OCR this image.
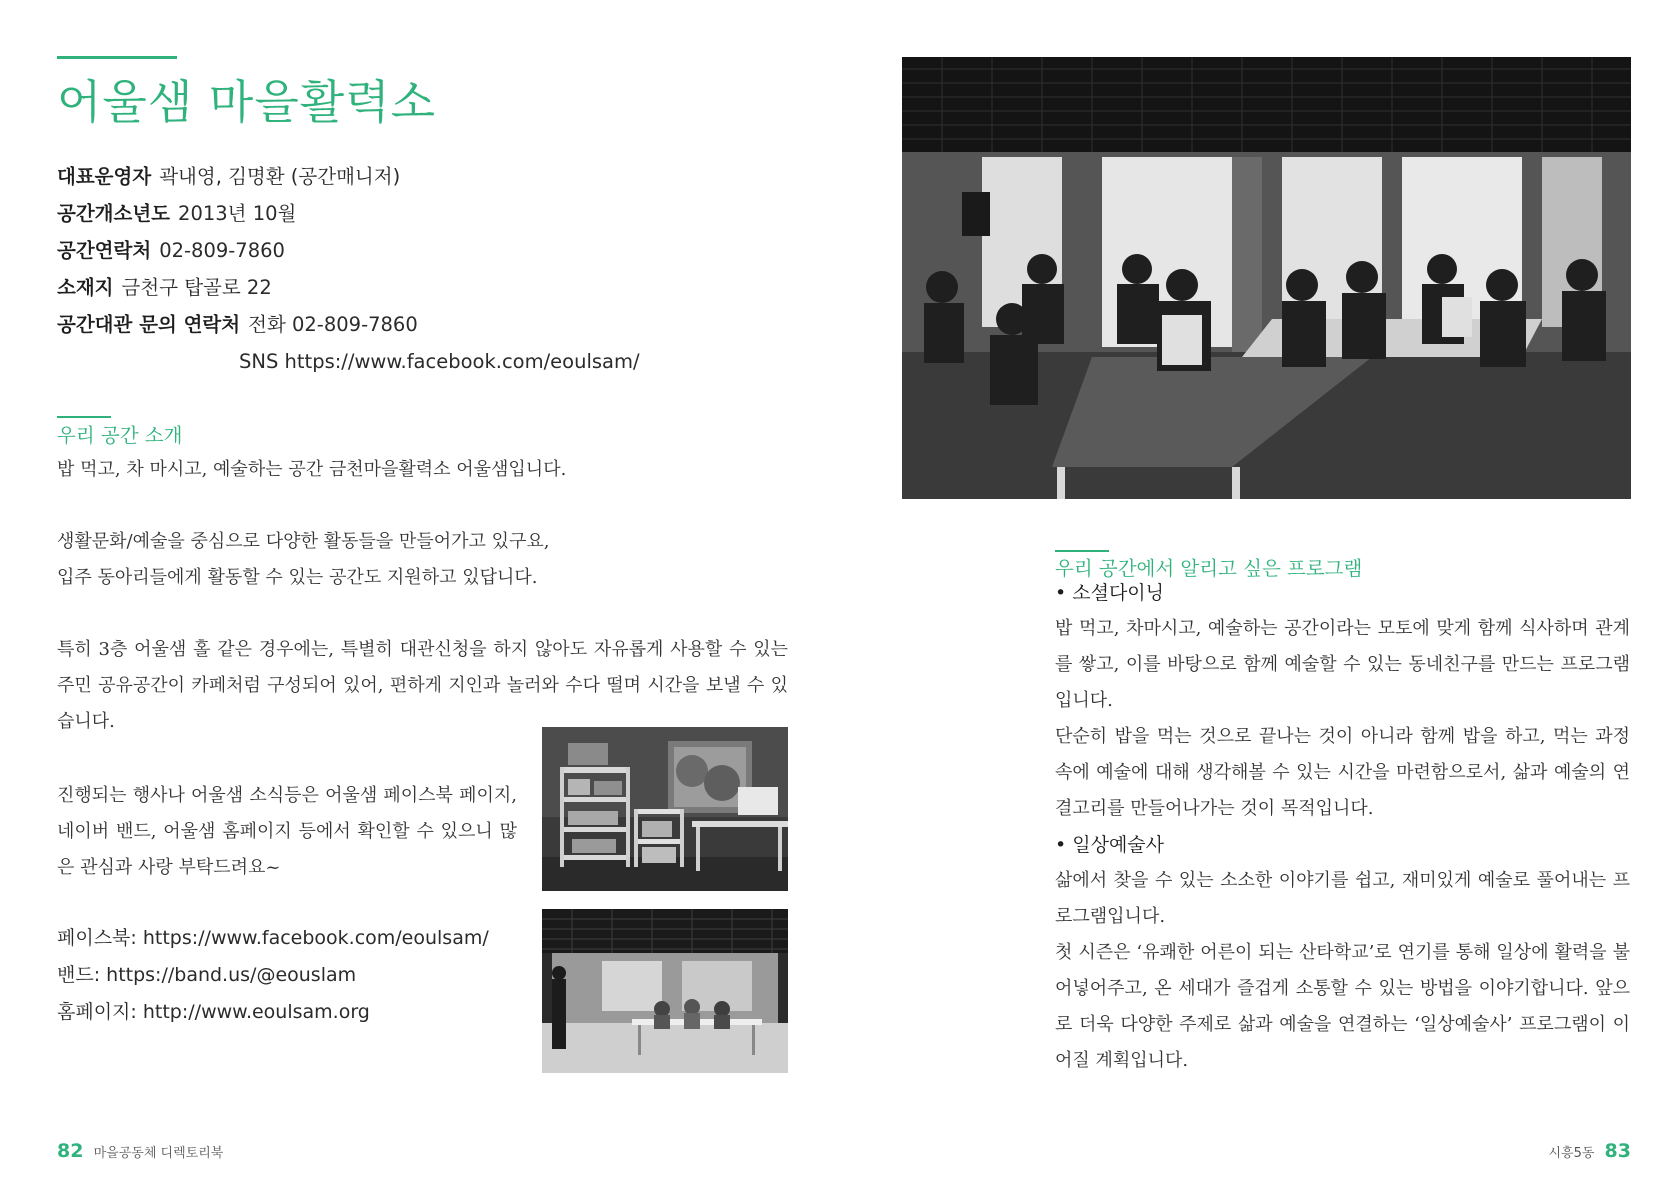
어울샘 마을활력소
대표운영자 곽내영, 김명환 (공간매니저)
공간개소년도 2013년 10월
공간연락처 02-809-7860
소재지 금천구 탑골로 22
공간대관 문의 연락처 전화 02-809-7860
SNS https://www.facebook.com/eoulsam/
우리 공간 소개

밥 먹고, 차 마시고, 예술하는 공간 금천마을활력소 어울샘입니다.

생활문화/예술을 중심으로 다양한 활동들을 만들어가고 있구요,
입주 동아리들에게 활동할 수 있는 공간도 지원하고 있답니다.

특히 3층 어울샘 홀 같은 경우에는, 특별히 대관신청을 하지 않아도 자유롭게 사용할 수 있는 주민 공유공간이 카페처럼 구성되어 있어, 편하게 지인과 놀러와 수다 떨며 시간을 보낼 수 있습니다.

진행되는 행사나 어울샘 소식등은 어울샘 페이스북 페이지, 네이버 밴드, 어울샘 홈페이지 등에서 확인할 수 있으니 많은 관심과 사랑 부탁드려요~

페이스북: https://www.facebook.com/eoulsam/
밴드: https://band.us/@eouslam
홈페이지: http://www.eoulsam.org
82 마을공동체 디렉토리북
우리 공간에서 알리고 싶은 프로그램
• 소셜다이닝

밥 먹고, 차마시고, 예술하는 공간이라는 모토에 맞게 함께 식사하며 관계를 쌓고, 이를 바탕으로 함께 예술할 수 있는 동네친구를 만드는 프로그램입니다.

단순히 밥을 먹는 것으로 끝나는 것이 아니라 함께 밥을 하고, 먹는 과정 속에 예술에 대해 생각해볼 수 있는 시간을 마련함으로서, 삶과 예술의 연결고리를 만들어나가는 것이 목적입니다.

• 일상예술사

삶에서 찾을 수 있는 소소한 이야기를 쉽고, 재미있게 예술로 풀어내는 프로그램입니다.

첫 시즌은 ‘유쾌한 어른이 되는 산타학교’로 연기를 통해 일상에 활력을 불어넣어주고, 온 세대가 즐겁게 소통할 수 있는 방법을 이야기합니다. 앞으로 더욱 다양한 주제로 삶과 예술을 연결하는 ‘일상예술사’ 프로그램이 이어질 계획입니다.

시흥5동 83
